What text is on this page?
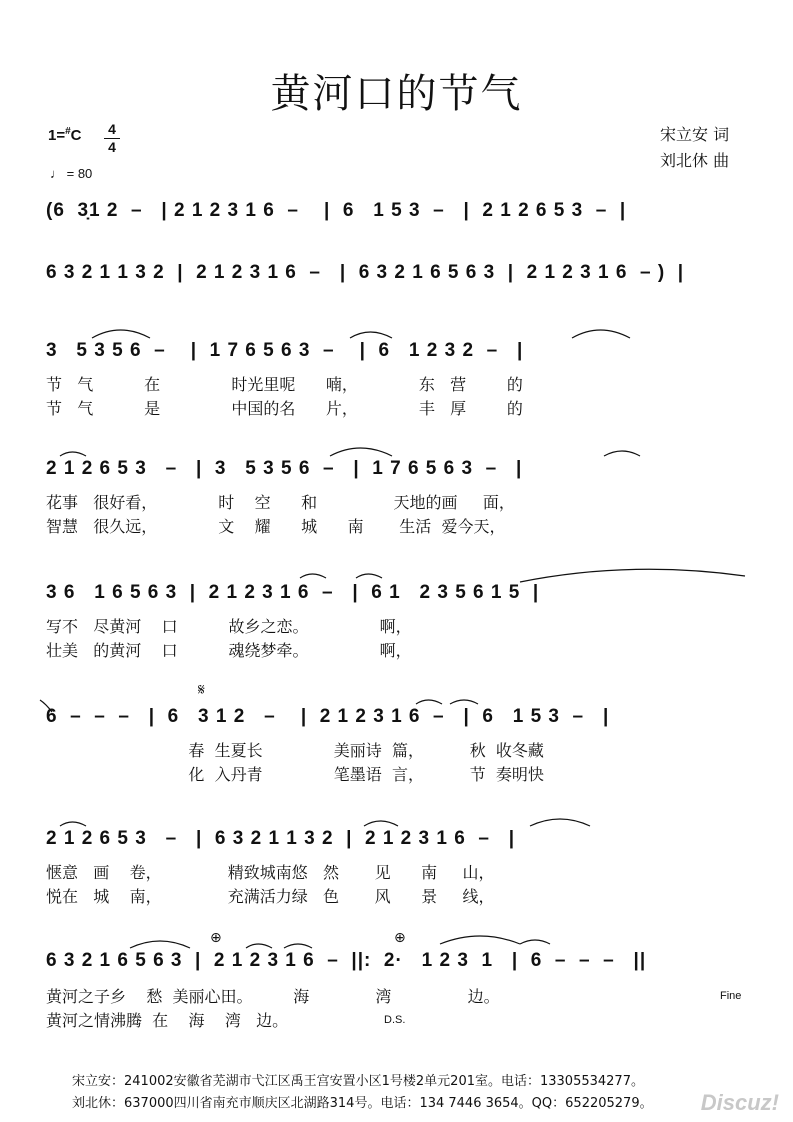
黄河口的节气
1=#C 4
4
♩ = 80
宋立安 词
刘北休 曲
(6  3̣1 2  –   | 2 1 2 3 1 6  –    |  6   1 5 3  –   |  2 1 2 6 5 3  –  |
6 3 2 1 1 3 2  |  2 1 2 3 1 6  –   |  6 3 2 1 6 5 6 3  |  2 1 2 3 1 6  – )  |
3   5 3 5 6  –    |  1 7 6 5 6 3  –    |  6   1 2 3 2  –   |
节   气          在              时光里呢      喃，            东   营        的
节   气          是              中国的名      片，            丰   厚        的
2 1 2 6 5 3   –   |  3   5 3 5 6  –   |  1 7 6 5 6 3  –   |
花事   很好看，            时    空      和               天地的画     面，
智慧   很久远，            文    耀      城      南       生活  爱今天，
3 6   1 6 5 6 3  |  2 1 2 3 1 6  –   |  6 1   2 3 5 6 1 5  |
写不   尽黄河    口          故乡之恋。              啊，
壮美   的黄河    口          魂绕梦牵。              啊，
6  –  –  –   |  6   3 1 2   –    |  2 1 2 3 1 6  –   |  6   1 5 3  –   |
春  生夏长              美丽诗  篇，         秋  收冬藏
化  入丹青              笔墨语  言，         节  奏明快
2 1 2 6 5 3   –   |  6 3 2 1 1 3 2  |  2 1 2 3 1 6  –   |
惬意   画    卷，             精致城南悠   然       见      南     山，
悦在   城    南，             充满活力绿   色       风      景     线，
6 3 2 1 6 5 6 3  |  2 1 2 3 1 6  –  ||:  2·   1 2 3  1   |  6  –  –  –   ||
黄河之子乡    愁  美丽心田。        海             湾               边。
黄河之情沸腾  在    海    湾   边。
𝄋
⊕	⊕
Fine
D.S.
宋立安：241002安徽省芜湖市弋江区禹王宫安置小区1号楼2单元201室。电话：13305534277。
刘北休：637000四川省南充市顺庆区北湖路314号。电话：134 7446 3654。QQ：652205279。 Discuz!
